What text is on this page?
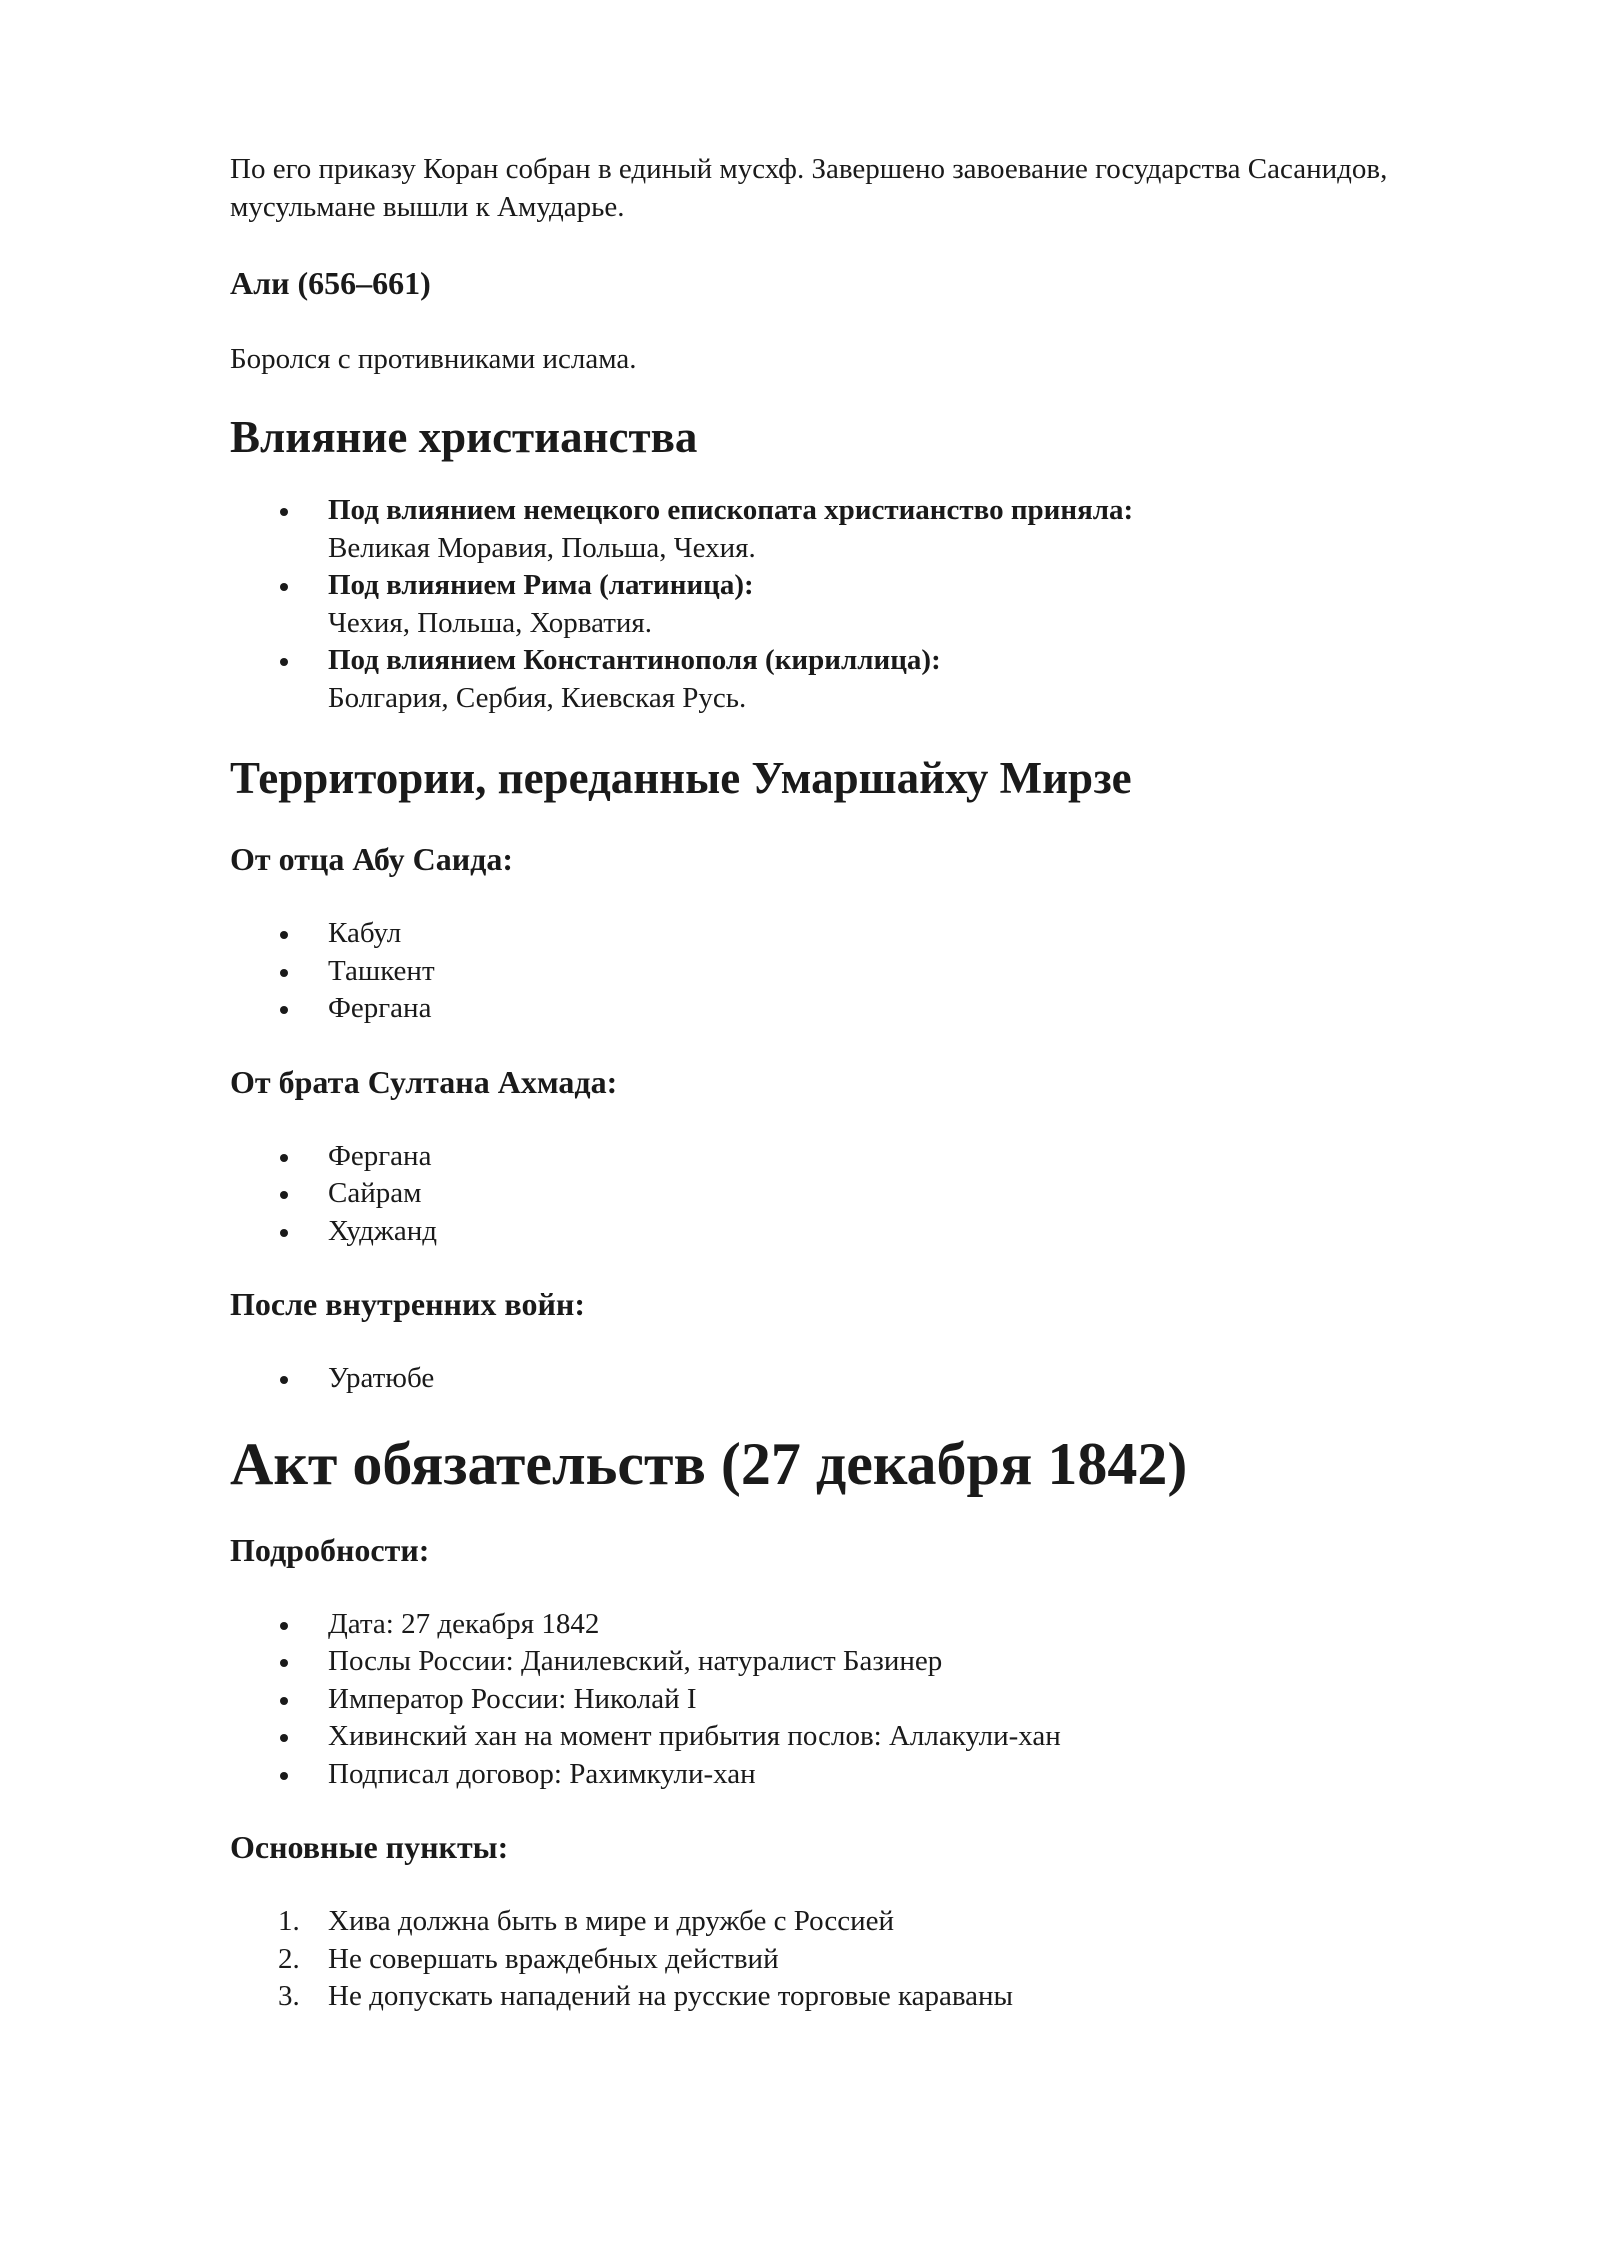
По его приказу Коран собран в единый мусхф. Завершено завоевание государства Сасанидов, мусульмане вышли к Амударье.

Али (656–661)

Боролся с противниками ислама.

Влияние христианства
Под влиянием немецкого епископата христианство приняла:
Великая Моравия, Польша, Чехия.
Под влиянием Рима (латиница):
Чехия, Польша, Хорватия.
Под влиянием Константинополя (кириллица):
Болгария, Сербия, Киевская Русь.
Территории, переданные Умаршайху Мирзе
От отца Абу Саида:
Кабул
Ташкент
Фергана
От брата Султана Ахмада:
Фергана
Сайрам
Худжанд
После внутренних войн:
Уратюбе
Акт обязательств (27 декабря 1842)
Подробности:
Дата: 27 декабря 1842
Послы России: Данилевский, натуралист Базинер
Император России: Николай I
Хивинский хан на момент прибытия послов: Аллакули-хан
Подписал договор: Рахимкули-хан
Основные пункты:
1. Хива должна быть в мире и дружбе с Россией
2. Не совершать враждебных действий
3. Не допускать нападений на русские торговые караваны
